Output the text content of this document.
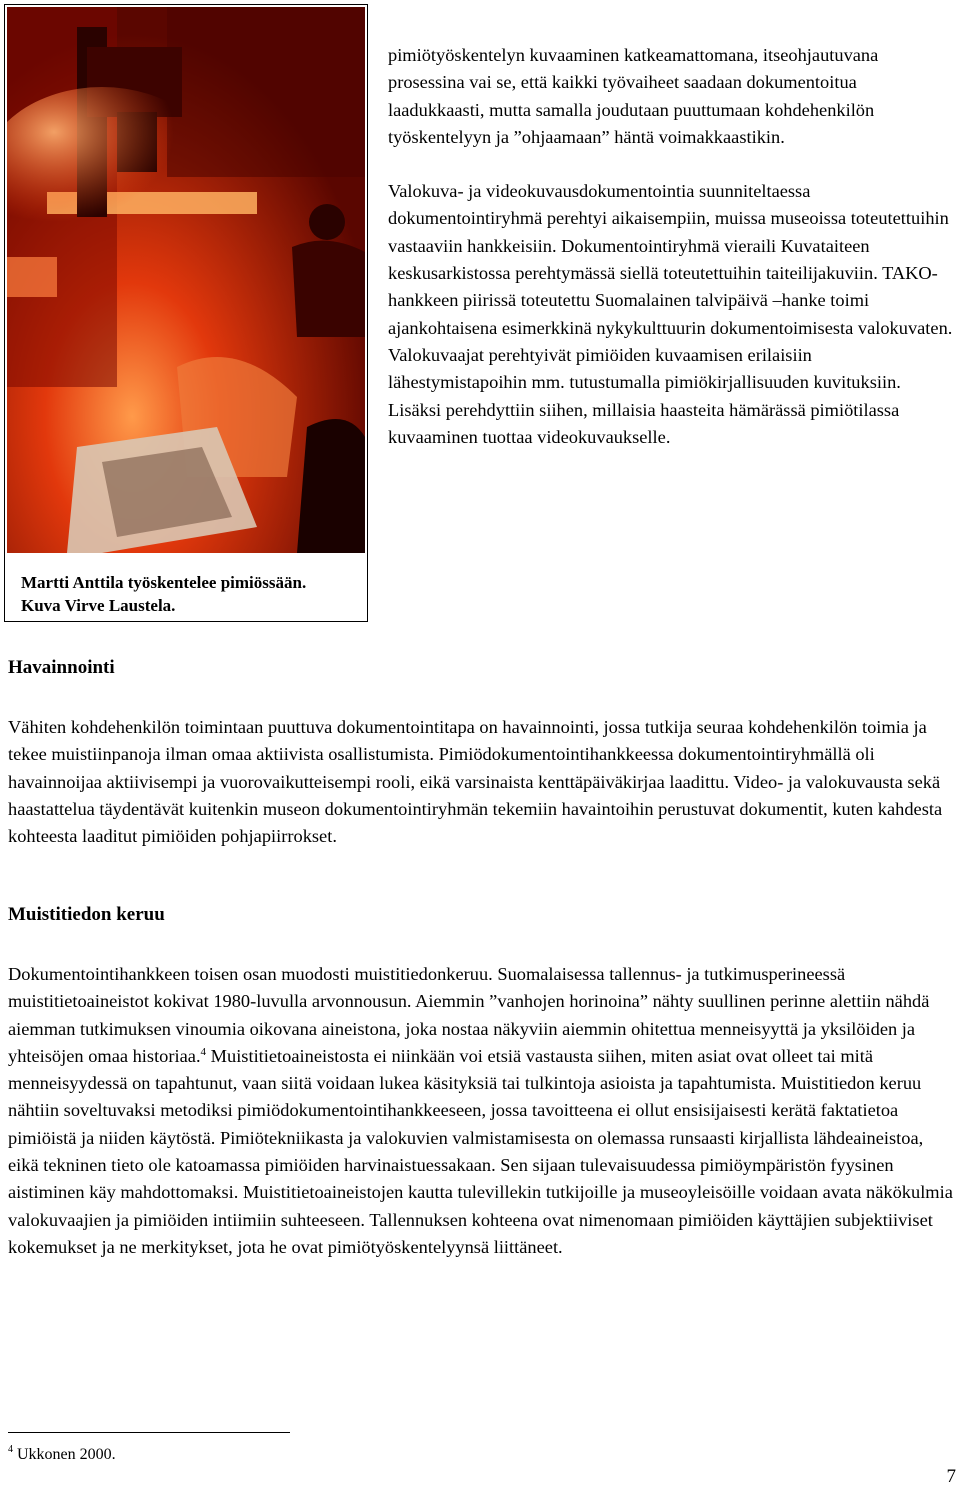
Martti Anttila työskentelee pimiössään.
Kuva Virve Laustela.

pimiötyöskentelyn kuvaaminen katkeamattomana, itseohjautuvana prosessina vai se, että kaikki työvaiheet saadaan dokumentoitua laadukkaasti, mutta samalla joudutaan puuttumaan kohdehenkilön työskentelyyn ja ”ohjaamaan” häntä voimakkaastikin.

Valokuva- ja videokuvausdokumentointia suunniteltaessa dokumentointiryhmä perehtyi aikaisempiin, muissa museoissa toteutettuihin vastaaviin hankkeisiin. Dokumentointiryhmä vieraili Kuvataiteen keskusarkistossa perehtymässä siellä toteutettuihin taiteilijakuviin. TAKO-hankkeen piirissä toteutettu Suomalainen talvipäivä –hanke toimi ajankohtaisena esimerkkinä nykykulttuurin dokumentoimisesta valokuvaten. Valokuvaajat perehtyivät pimiöiden kuvaamisen erilaisiin lähestymistapoihin mm. tutustumalla pimiökirjallisuuden kuvituksiin. Lisäksi perehdyttiin siihen, millaisia haasteita hämärässä pimiötilassa kuvaaminen tuottaa videokuvaukselle.

Havainnointi

Vähiten kohdehenkilön toimintaan puuttuva dokumentointitapa on havainnointi, jossa tutkija seuraa kohdehenkilön toimia ja tekee muistiinpanoja ilman omaa aktiivista osallistumista. Pimiödokumentointihankkeessa dokumentointiryhmällä oli havainnoijaa aktiivisempi ja vuorovaikutteisempi rooli, eikä varsinaista kenttäpäiväkirjaa laadittu. Video- ja valokuvausta sekä haastattelua täydentävät kuitenkin museon dokumentointiryhmän tekemiin havaintoihin perustuvat dokumentit, kuten kahdesta kohteesta laaditut pimiöiden pohjapiirrokset.

Muistitiedon keruu

Dokumentointihankkeen toisen osan muodosti muistitiedonkeruu. Suomalaisessa tallennus- ja tutkimusperineessä muistitietoaineistot kokivat 1980-luvulla arvonnousun. Aiemmin ”vanhojen horinoina” nähty suullinen perinne alettiin nähdä aiemman tutkimuksen vinoumia oikovana aineistona, joka nostaa näkyviin aiemmin ohitettua menneisyyttä ja yksilöiden ja yhteisöjen omaa historiaa.$^4$ Muistitietoaineistosta ei niinkään voi etsiä vastausta siihen, miten asiat ovat olleet tai mitä menneisyydessä on tapahtunut, vaan siitä voidaan lukea käsityksiä tai tulkintoja asioista ja tapahtumista. Muistitiedon keruu nähtiin soveltuvaksi metodiksi pimiödokumentointihankkeeseen, jossa tavoitteena ei ollut ensisijaisesti kerätä faktatietoa pimiöistä ja niiden käytöstä. Pimiötekniikasta ja valokuvien valmistamisesta on olemassa runsaasti kirjallista lähdeaineistoa, eikä tekninen tieto ole katoamassa pimiöiden harvinaistuessakaan. Sen sijaan tulevaisuudessa pimiöympäristön fyysinen aistiminen käy mahdottomaksi. Muistitietoaineistojen kautta tulevillekin tutkijoille ja museoyleisöille voidaan avata näkökulmia valokuvaajien ja pimiöiden intiimiin suhteeseen. Tallennuksen kohteena ovat nimenomaan pimiöiden käyttäjien subjektiiviset kokemukset ja ne merkitykset, jota he ovat pimiötyöskentelyynsä liittäneet.

$^4$ Ukkonen 2000.
7
